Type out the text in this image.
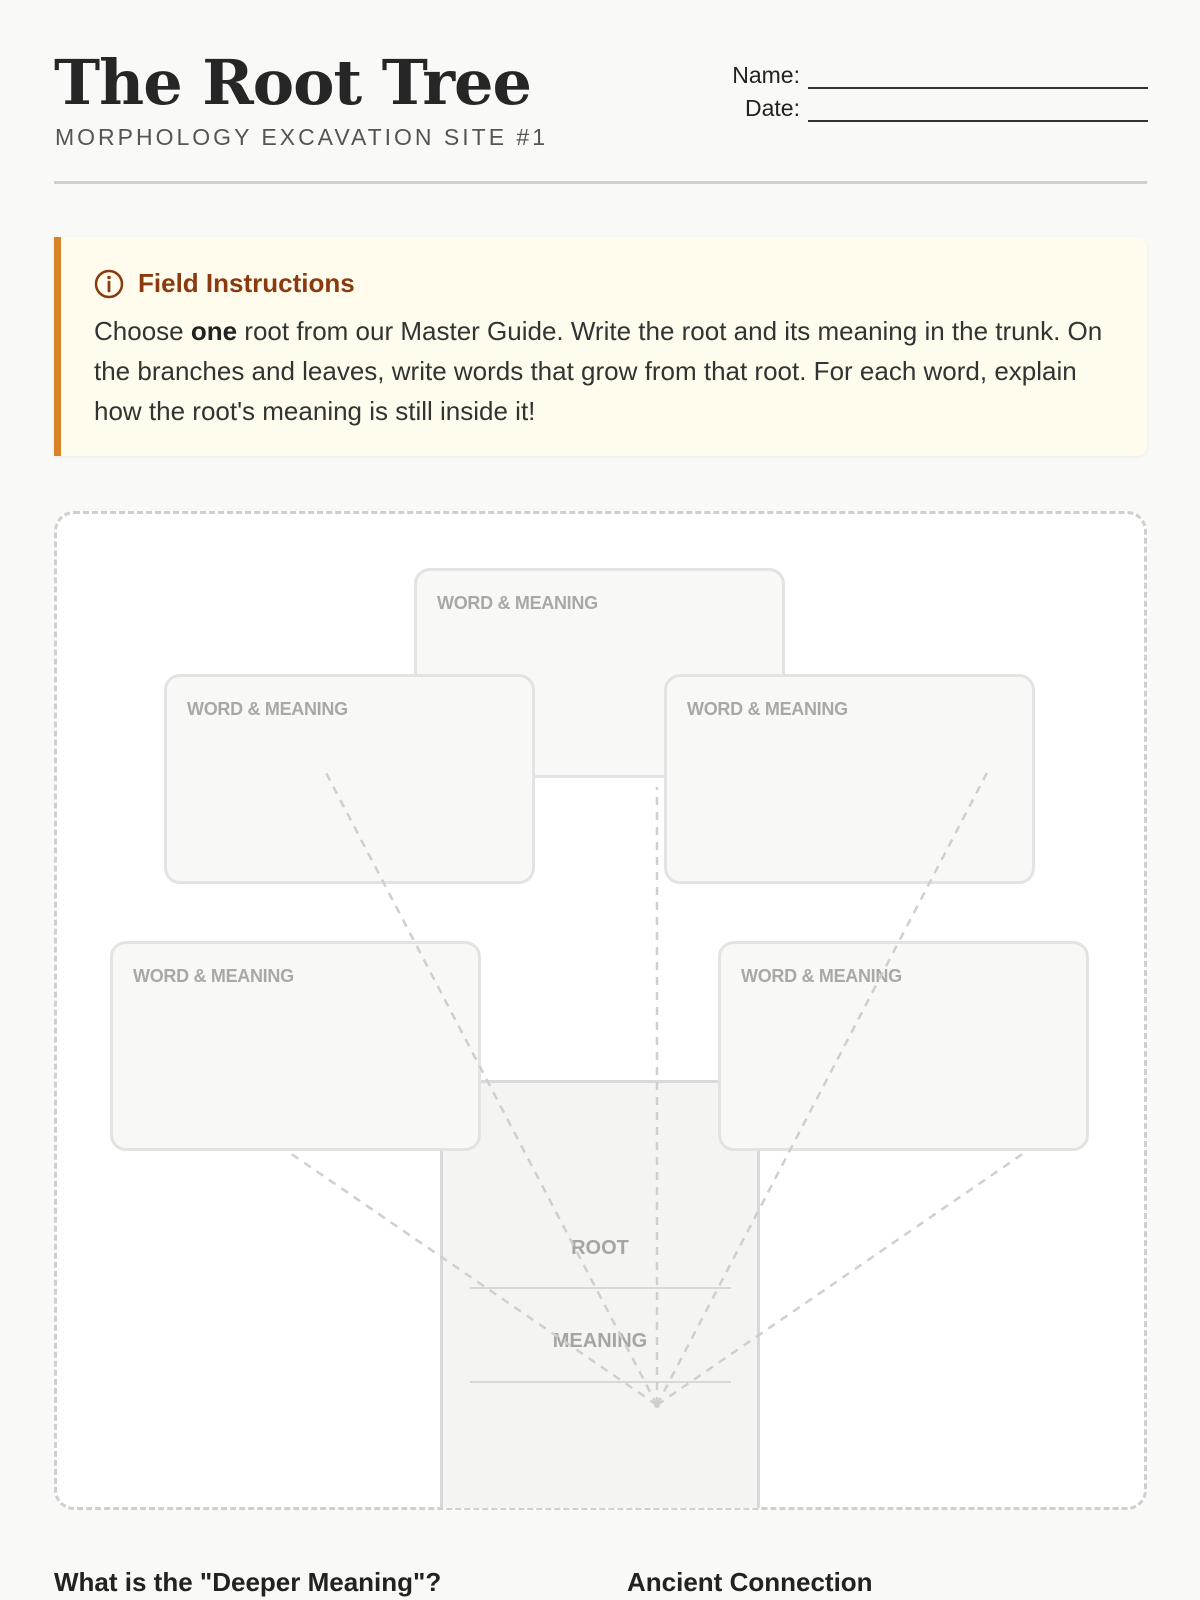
The Root Tree
MORPHOLOGY EXCAVATION SITE #1
Name:
Date:
Field Instructions
Choose one root from our Master Guide. Write the root and its meaning in the trunk. On the branches and leaves, write words that grow from that root. For each word, explain how the root's meaning is still inside it!
ROOT
MEANING
WORD & MEANING
WORD & MEANING	WORD & MEANING
WORD & MEANING	WORD & MEANING
What is the "Deeper Meaning"?	Ancient Connection
